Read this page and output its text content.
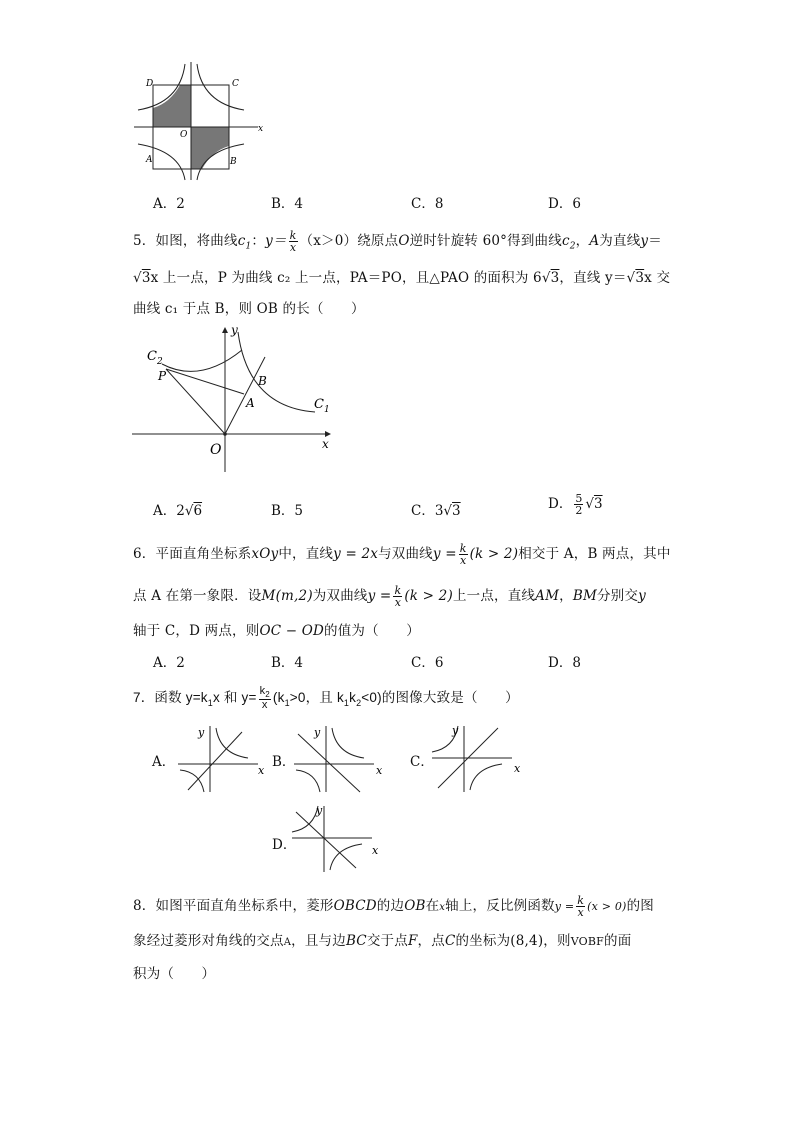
D	C
O
x
A	B
A．2	B．4	C．8	D．6
5．如图，将曲线$c_1$：$y= \frac{k}{x} (x>0)$绕原点O逆时针旋转 60°得到曲线$c_2$，A为直线y＝
√3x 上一点，P 为曲线 c₂ 上一点，PA＝PO，且△PAO 的面积为 6√3，直线 y＝√3x 交
曲线 c₁ 于点 B，则 OB 的长（　　）
C 2
P	B
A	C 1
y
x
O
A．2√6	B．5	C．3√3	D． $\frac{5}{2} √3$
6．平面直角坐标系xOy中，直线y = 2x与双曲线$y = \frac{k}{x} (k > 2)$相交于 A，B 两点，其中
点 A 在第一象限．设M(m,2)为双曲线$y = \frac{k}{x} (k > 2)$上一点，直线AM，BM分别交y
轴于 C，D 两点，则OC − OD的值为（　　）
A．2	B．4	C．6	D．8
7．函数 $y=k_1x$ 和 $y= \frac{k_2}{x} (k_1>0$，且 $k_1k_2<0$)的图像大致是（　　）
A．
y
x
B．
y
x
C．
y
x
D．
y
x
8．如图平面直角坐标系中，菱形OBCD的边OB在x轴上，反比例函数$y = \frac{k}{x} (x > 0)$的图
象经过菱形对角线的交点A，且与边BC交于点F，点C的坐标为(8,4)，则VOBF的面
积为（　　）
